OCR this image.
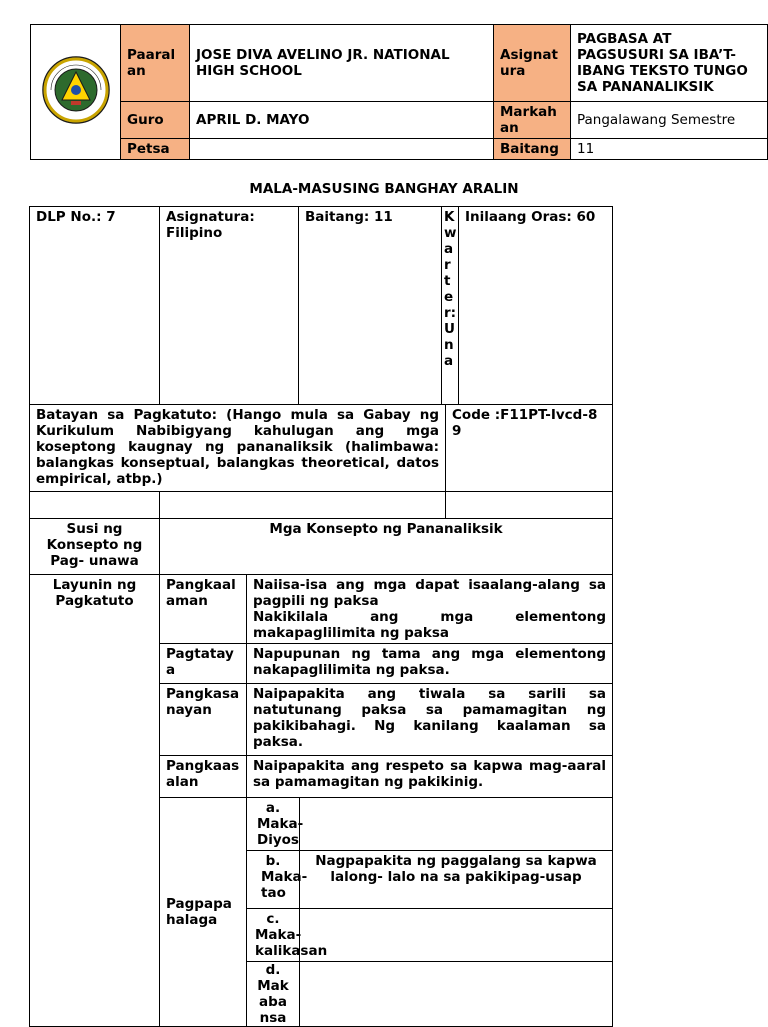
	Paaralan	JOSE DIVA AVELINO JR. NATIONAL HIGH SCHOOL	Asignatura	PAGBASA AT PAGSUSURI SA IBA’T-IBANG TEKSTO TUNGO SA PANANALIKSIK
	Guro	APRIL D. MAYO	Markahan	Pangalawang Semestre
	Petsa		Baitang	11
MALA-MASUSING BANGHAY ARALIN
DLP No.: 7	Asignatura: Filipino		Baitang: 11	Kwarter: Una		Inilaang Oras: 60
Batayan sa Pagkatuto: (Hango mula sa Gabay ng Kurikulum Nabibigyang kahulugan ang mga koseptong kaugnay ng pananaliksik (halimbawa: balangkas konseptual, balangkas theoretical, datos empirical, atbp.)					Code :F11PT-Ivcd-89	

Susi ng Konsepto ng Pag- unawa	Mga Konsepto ng Pananaliksik					
Layunin ng Pagkatuto	Pangkaalaman	Naiisa-isa ang mga dapat isaalang-alang sa pagpili ng paksa
Nakikilala ang mga elementong makapaglilimita ng paksa				

	Pagtataya	Napupunan ng tama ang mga elementong nakapaglilimita ng paksa.				
	Pangkasanayan	Naipapakita ang tiwala sa sarili sa natutunang paksa sa pamamagitan ng pakikibahagi. Ng kanilang kaalaman sa paksa.				
	Pangkaasalan	Naipapakita ang respeto sa kapwa mag-aaral sa pamamagitan ng pakikinig.				
	Pagpapahalaga	a. Maka-Diyos				
		b. Maka-tao	Nagpapakita ng paggalang sa kapwa lalong- lalo na sa pakikipag-usap			
		c. Maka-kalikasan				
		d. Makabansa				
